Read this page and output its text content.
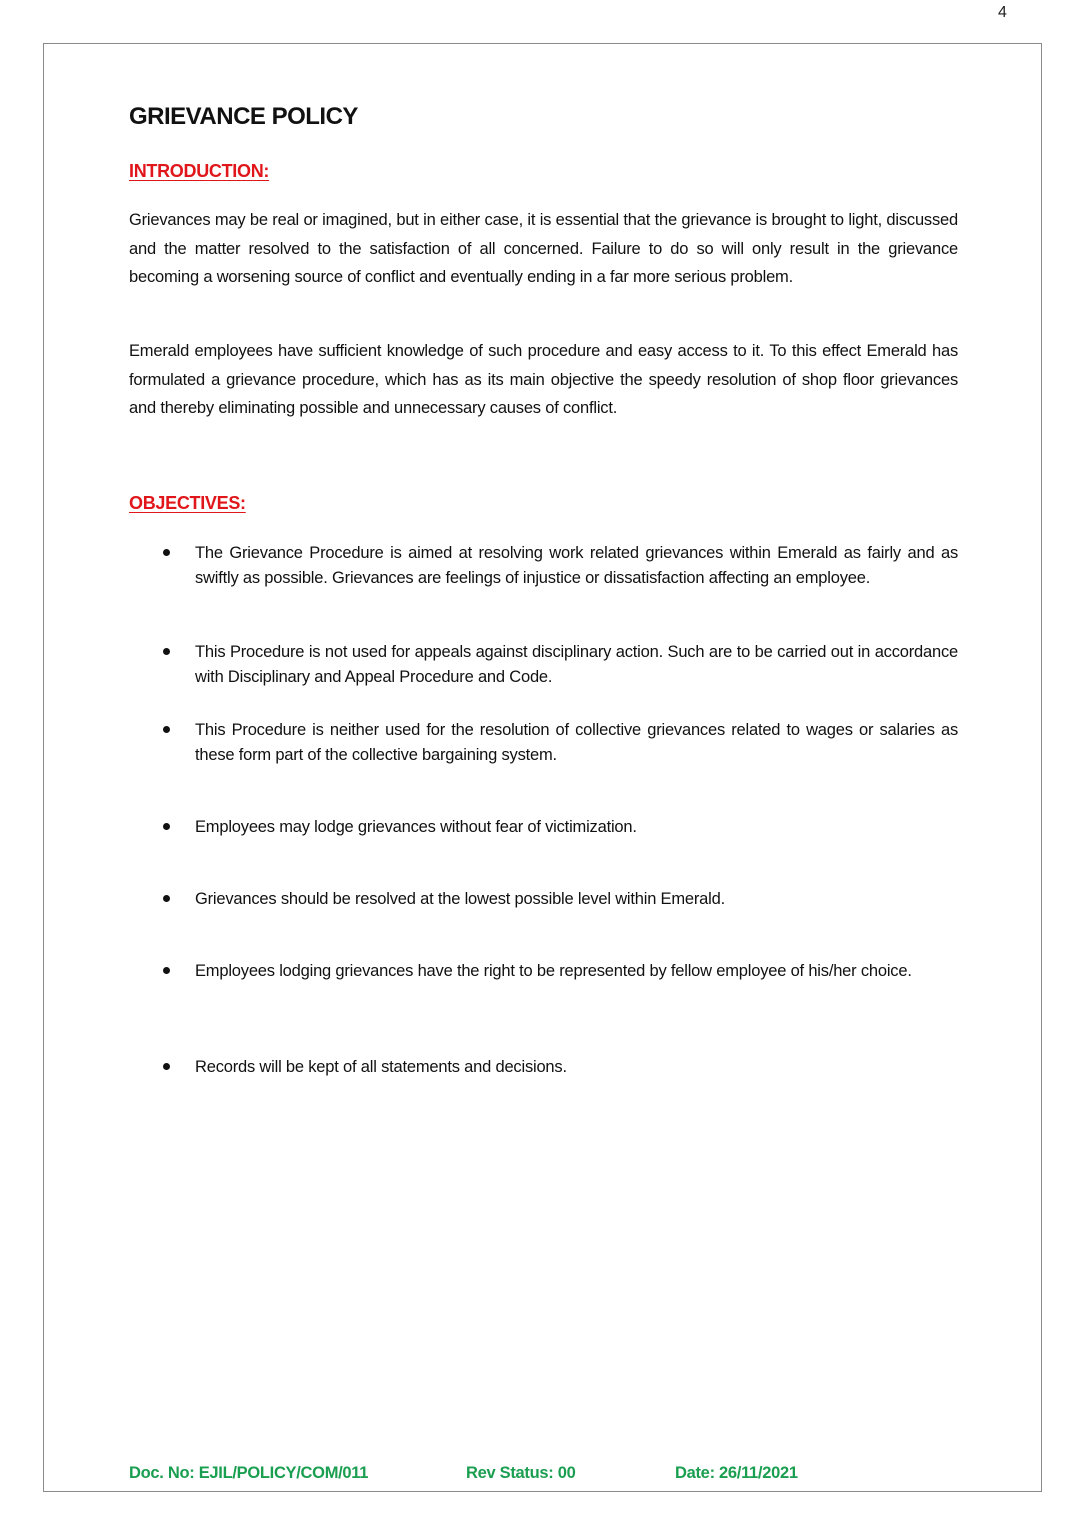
4
GRIEVANCE POLICY
INTRODUCTION:

Grievances may be real or imagined, but in either case, it is essential that the grievance is brought to light, discussed and the matter resolved to the satisfaction of all concerned. Failure to do so will only result in the grievance becoming a worsening source of conflict and eventually ending in a far more serious problem.

Emerald employees have sufficient knowledge of such procedure and easy access to it. To this effect Emerald has formulated a grievance procedure, which has as its main objective the speedy resolution of shop floor grievances and thereby eliminating possible and unnecessary causes of conflict.

OBJECTIVES:
The Grievance Procedure is aimed at resolving work related grievances within Emerald as fairly and as swiftly as possible. Grievances are feelings of injustice or dissatisfaction affecting an employee.
This Procedure is not used for appeals against disciplinary action. Such are to be carried out in accordance with Disciplinary and Appeal Procedure and Code.
This Procedure is neither used for the resolution of collective grievances related to wages or salaries as these form part of the collective bargaining system.
Employees may lodge grievances without fear of victimization.
Grievances should be resolved at the lowest possible level within Emerald.
Employees lodging grievances have the right to be represented by fellow employee of his/her choice.
Records will be kept of all statements and decisions.
Doc. No: EJIL/POLICY/COM/011	Rev Status: 00	Date: 26/11/2021
